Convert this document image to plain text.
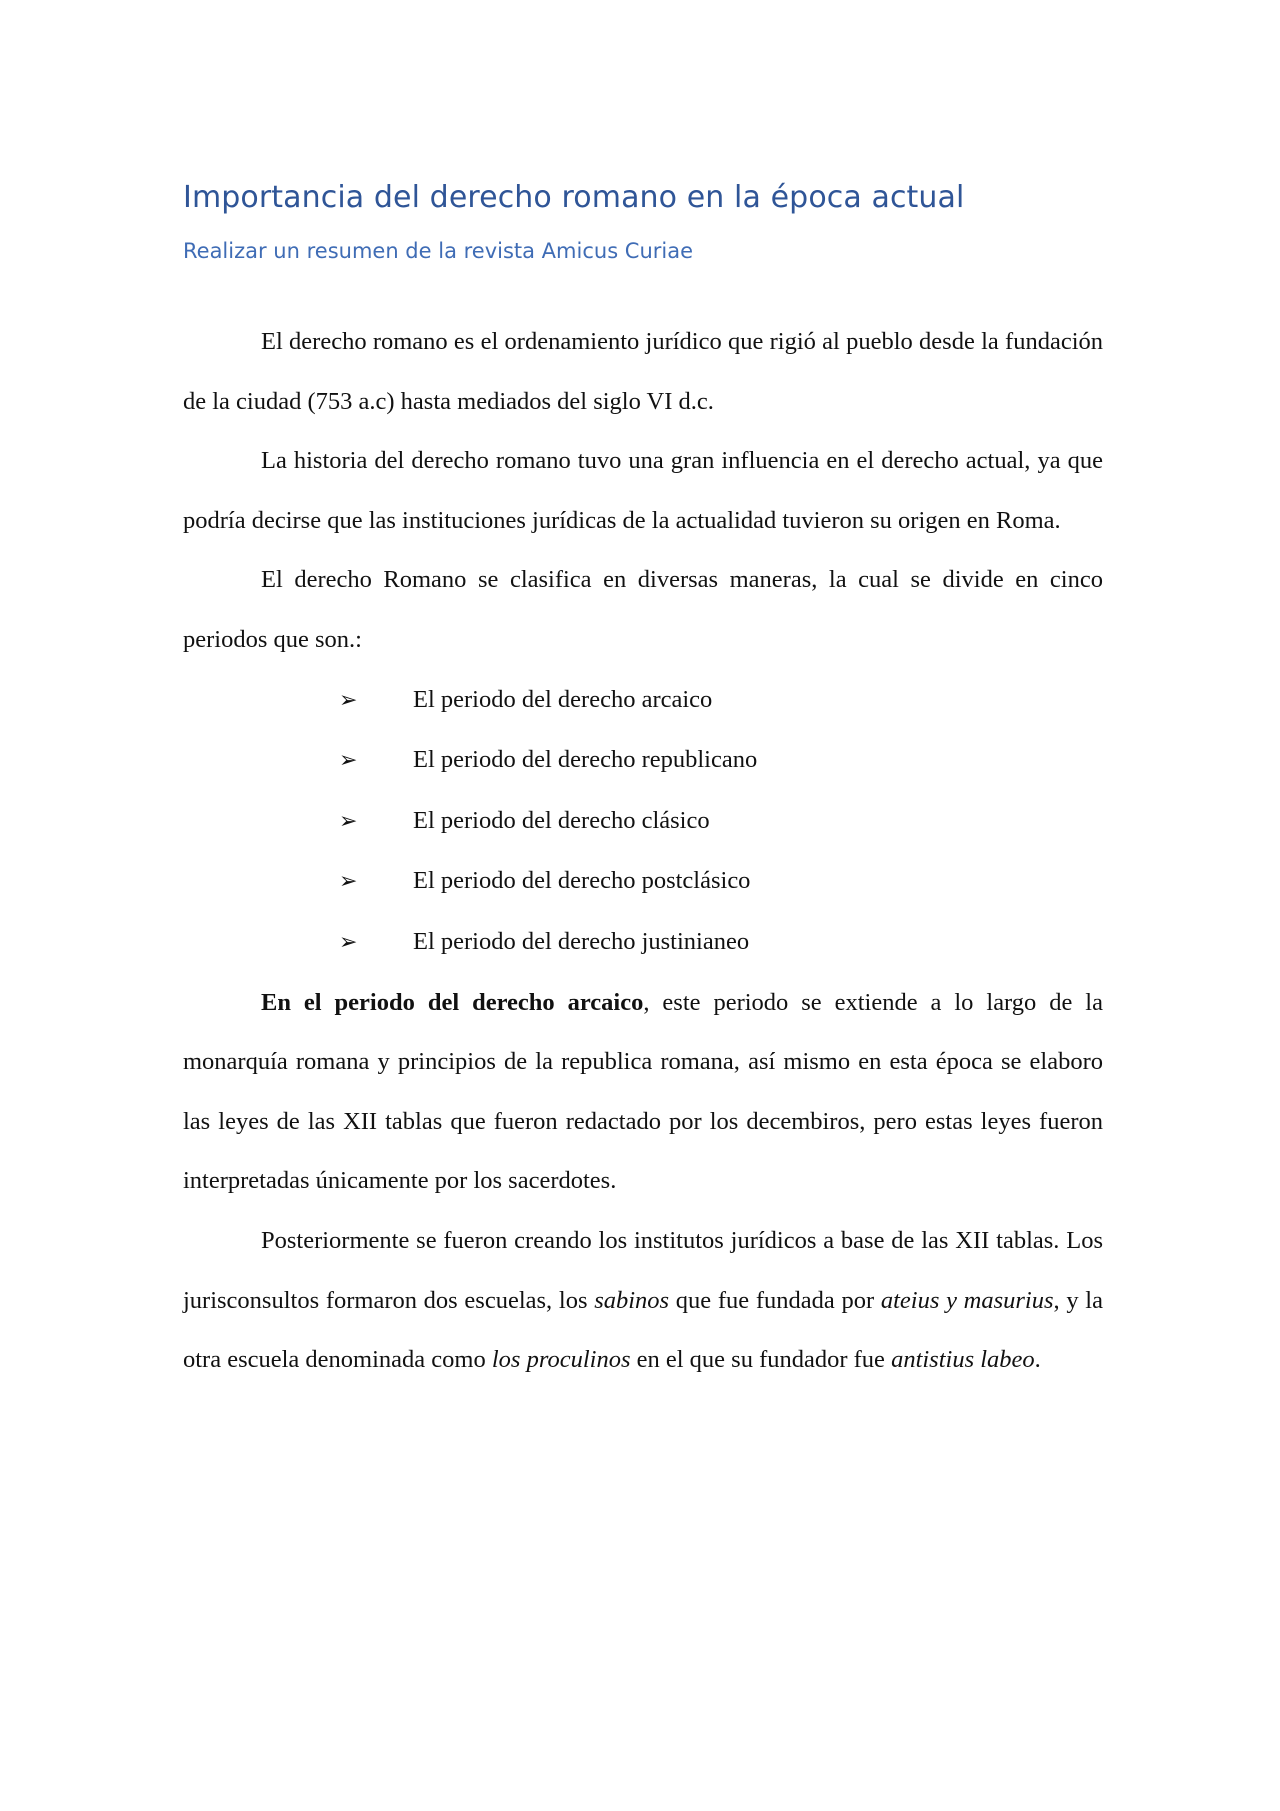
Importancia del derecho romano en la época actual
Realizar un resumen de la revista Amicus Curiae

El derecho romano es el ordenamiento jurídico que rigió al pueblo desde la fundación de la ciudad (753 a.c) hasta mediados del siglo VI d.c.

La historia del derecho romano tuvo una gran influencia en el derecho actual, ya que podría decirse que las instituciones jurídicas de la actualidad tuvieron su origen en Roma.

El derecho Romano se clasifica en diversas maneras, la cual se divide en cinco periodos que son.:

➢	El periodo del derecho arcaico
➢	El periodo del derecho republicano
➢	El periodo del derecho clásico
➢	El periodo del derecho postclásico
➢	El periodo del derecho justinianeo

En el periodo del derecho arcaico, este periodo se extiende a lo largo de la monarquía romana y principios de la republica romana, así mismo en esta época se elaboro las leyes de las XII tablas que fueron redactado por los decembiros, pero estas leyes fueron interpretadas únicamente por los sacerdotes.

Posteriormente se fueron creando los institutos jurídicos a base de las XII tablas. Los jurisconsultos formaron dos escuelas, los sabinos que fue fundada por ateius y masurius, y la otra escuela denominada como los proculinos en el que su fundador fue antistius labeo.
